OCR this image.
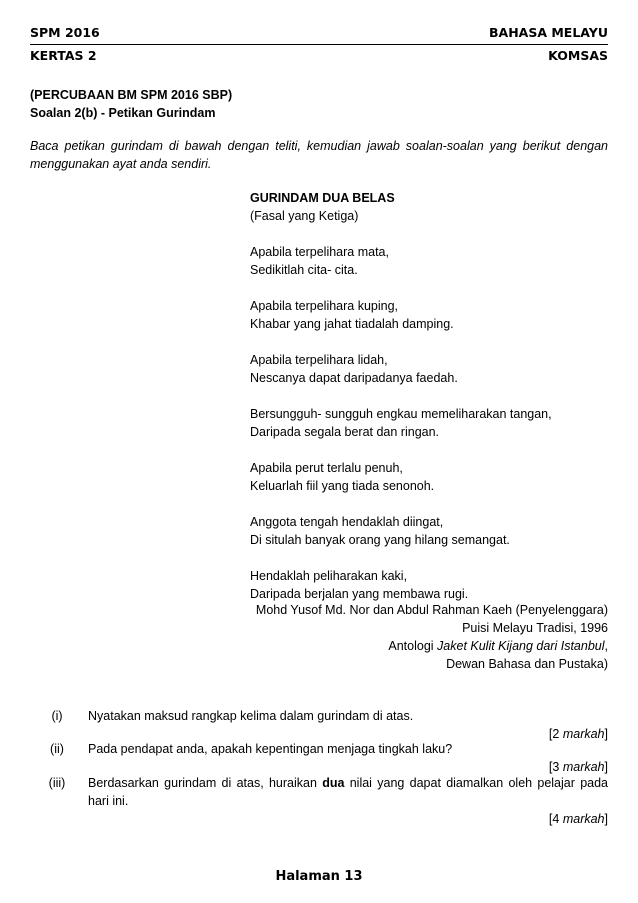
SPM 2016	BAHASA MELAYU
KERTAS 2	KOMSAS
(PERCUBAAN BM SPM 2016 SBP)
Soalan 2(b) - Petikan Gurindam
Baca petikan gurindam di bawah dengan teliti, kemudian jawab soalan-soalan yang berikut dengan menggunakan ayat anda sendiri.
GURINDAM DUA BELAS
(Fasal yang Ketiga)
Apabila terpelihara mata,
Sedikitlah cita- cita.
Apabila terpelihara kuping,
Khabar yang jahat tiadalah damping.
Apabila terpelihara lidah,
Nescanya dapat daripadanya faedah.
Bersungguh- sungguh engkau memeliharakan tangan,
Daripada segala berat dan ringan.
Apabila perut terlalu penuh,
Keluarlah fiil yang tiada senonoh.
Anggota tengah hendaklah diingat,
Di situlah banyak orang yang hilang semangat.
Hendaklah peliharakan kaki,
Daripada berjalan yang membawa rugi.
Mohd Yusof Md. Nor dan Abdul Rahman Kaeh (Penyelenggara)
Puisi Melayu Tradisi, 1996
Antologi Jaket Kulit Kijang dari Istanbul,
Dewan Bahasa dan Pustaka)
(i)	Nyatakan maksud rangkap kelima dalam gurindam di atas.
[2 markah]
(ii)	Pada pendapat anda, apakah kepentingan menjaga tingkah laku?
[3 markah]
(iii)	Berdasarkan gurindam di atas, huraikan dua nilai yang dapat diamalkan oleh pelajar pada hari ini.
[4 markah]
Halaman 13
